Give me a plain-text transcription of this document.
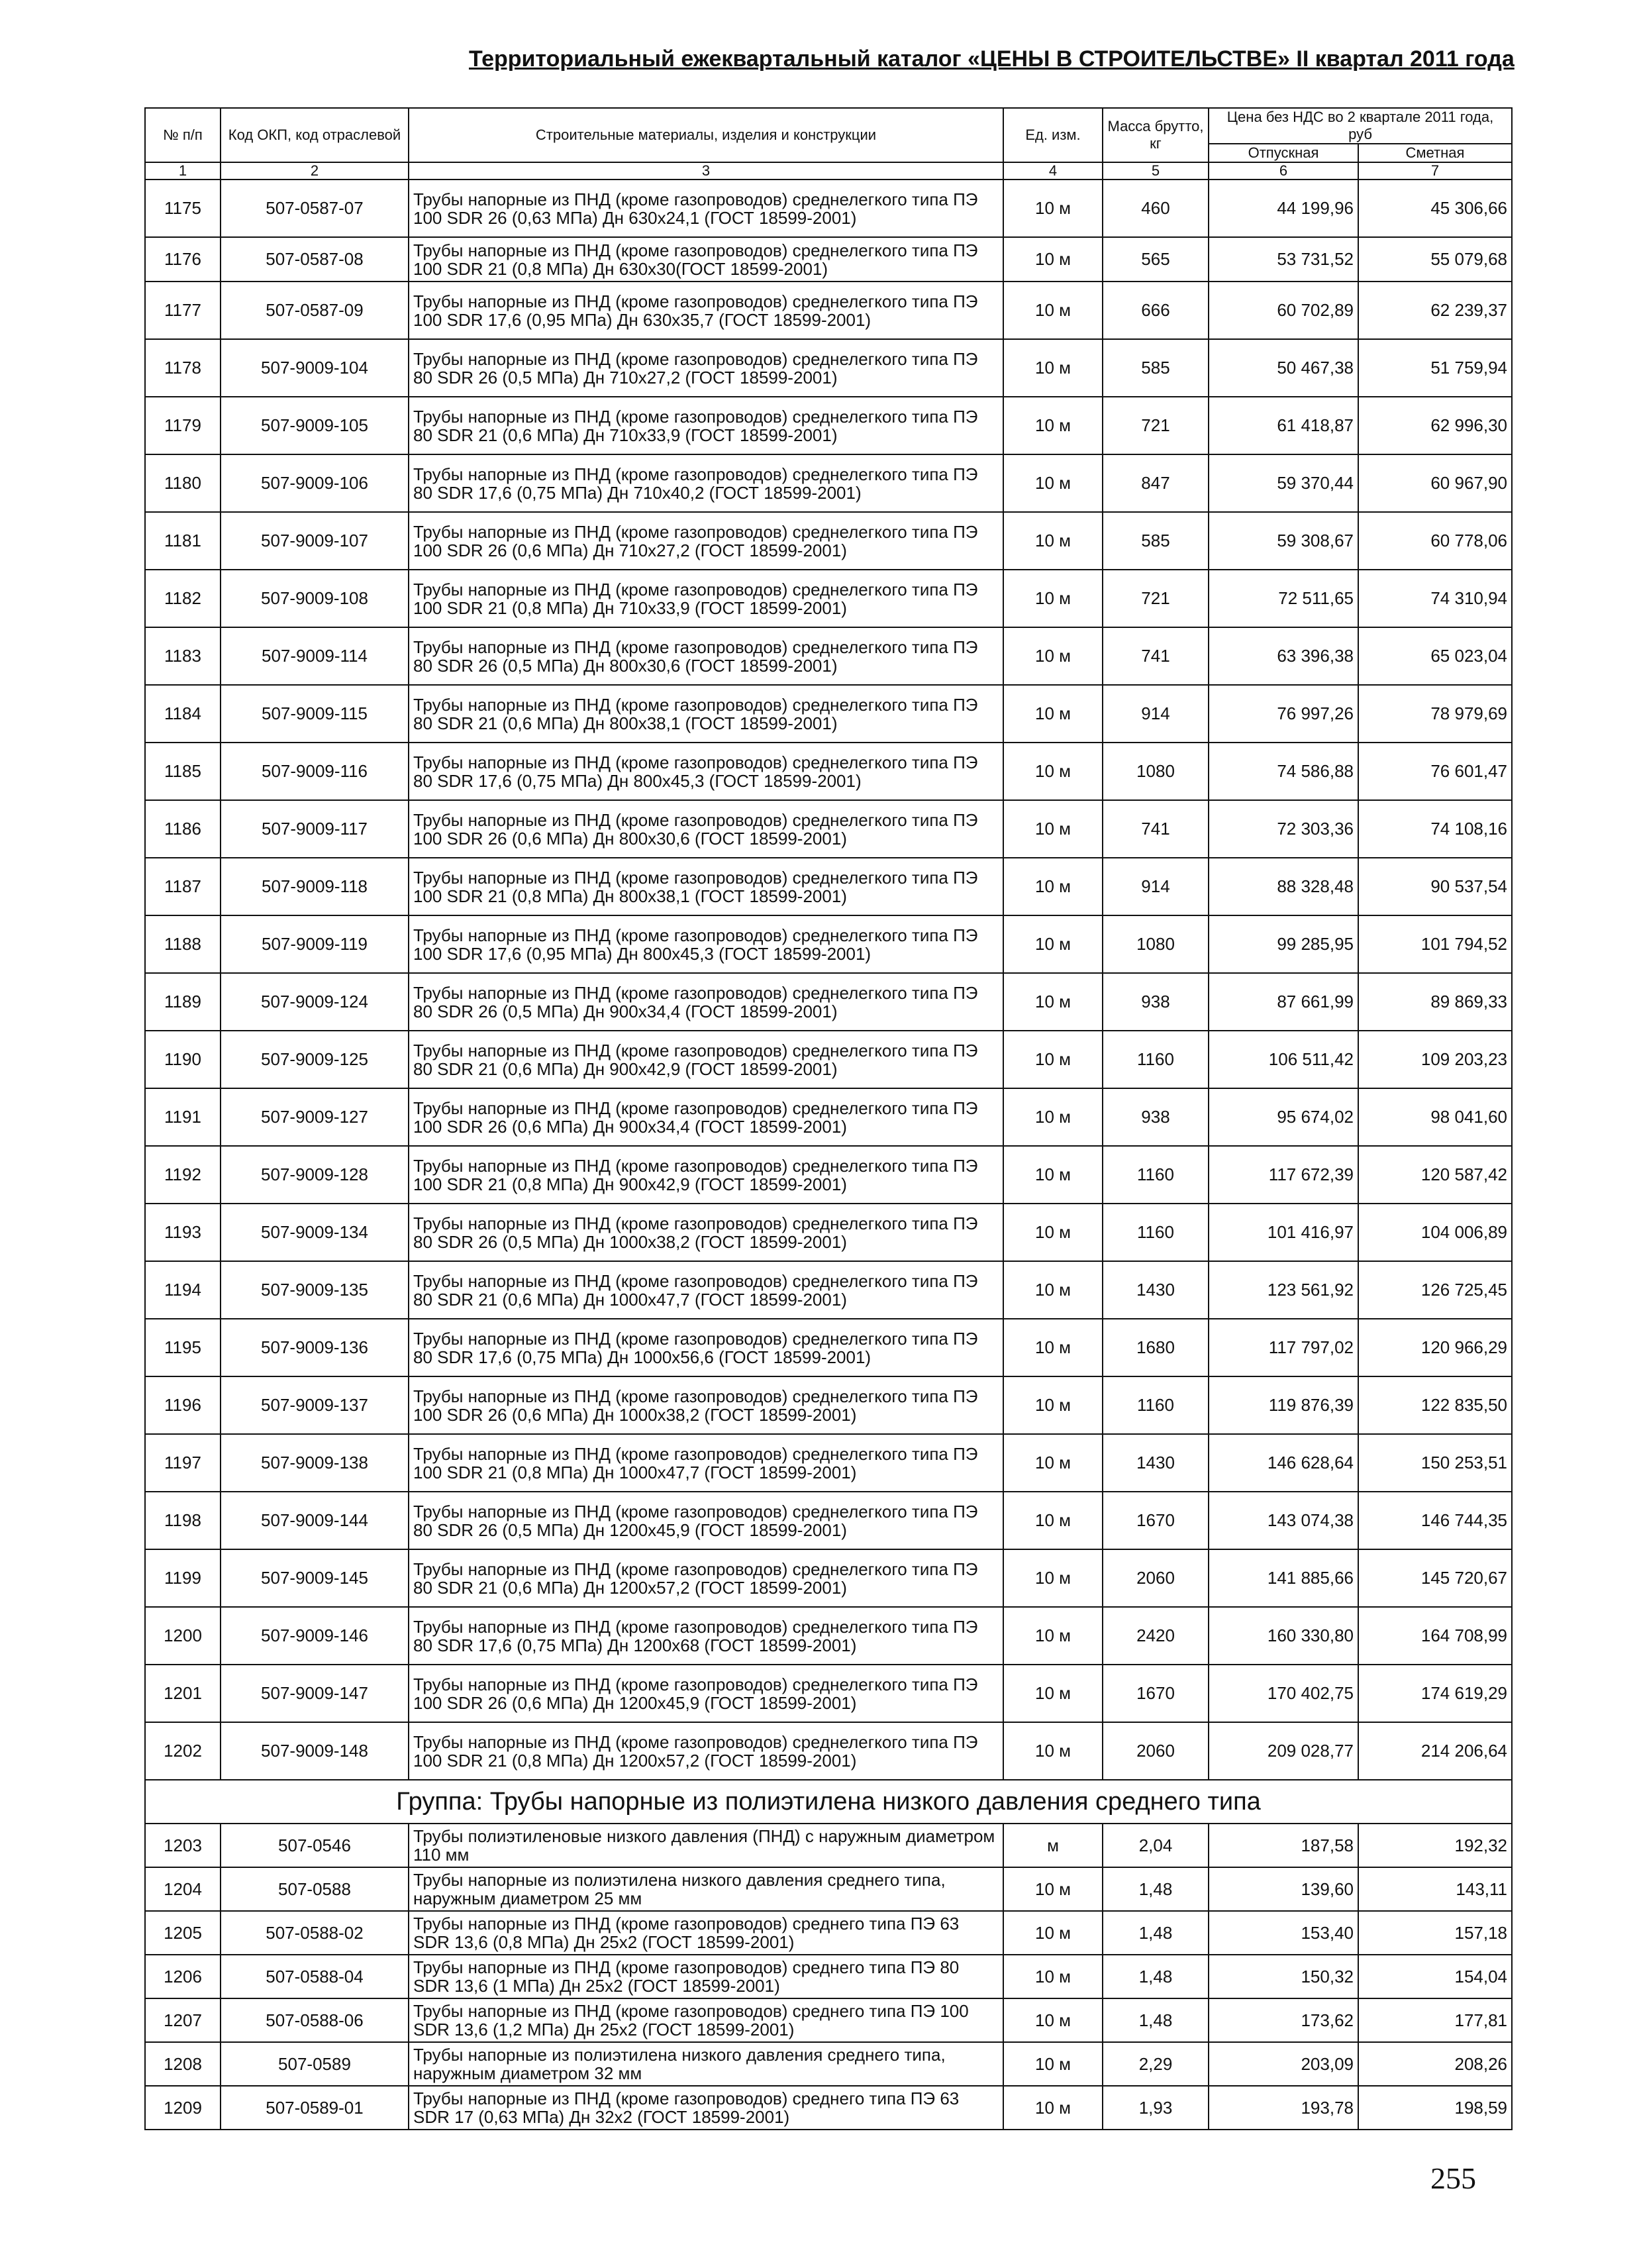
Территориальный ежеквартальный каталог «ЦЕНЫ В СТРОИТЕЛЬСТВЕ» II квартал 2011 года
№ п/п	Код ОКП, код отраслевой	Строительные материалы, изделия и конструкции	Ед. изм.	Масса брутто, кг	Цена без НДС во 2 квартале 2011 года, руб	
					Отпускная	Сметная
1	2	3	4	5	6	7
1175	507-0587-07	Трубы напорные из ПНД (кроме газопроводов) среднелегкого типа ПЭ 100 SDR 26 (0,63 МПа) Дн 630х24,1 (ГОСТ 18599-2001)	10 м	460	44 199,96	45 306,66
1176	507-0587-08	Трубы напорные из ПНД (кроме газопроводов) среднелегкого типа ПЭ 100 SDR 21 (0,8 МПа) Дн 630х30(ГОСТ 18599-2001)	10 м	565	53 731,52	55 079,68
1177	507-0587-09	Трубы напорные из ПНД (кроме газопроводов) среднелегкого типа ПЭ 100 SDR 17,6 (0,95 МПа) Дн 630х35,7 (ГОСТ 18599-2001)	10 м	666	60 702,89	62 239,37
1178	507-9009-104	Трубы напорные из ПНД (кроме газопроводов) среднелегкого типа ПЭ 80 SDR 26 (0,5 МПа) Дн 710х27,2 (ГОСТ 18599-2001)	10 м	585	50 467,38	51 759,94
1179	507-9009-105	Трубы напорные из ПНД (кроме газопроводов) среднелегкого типа ПЭ 80 SDR 21 (0,6 МПа) Дн 710х33,9 (ГОСТ 18599-2001)	10 м	721	61 418,87	62 996,30
1180	507-9009-106	Трубы напорные из ПНД (кроме газопроводов) среднелегкого типа ПЭ 80 SDR 17,6 (0,75 МПа) Дн 710х40,2 (ГОСТ 18599-2001)	10 м	847	59 370,44	60 967,90
1181	507-9009-107	Трубы напорные из ПНД (кроме газопроводов) среднелегкого типа ПЭ 100 SDR 26 (0,6 МПа) Дн 710х27,2 (ГОСТ 18599-2001)	10 м	585	59 308,67	60 778,06
1182	507-9009-108	Трубы напорные из ПНД (кроме газопроводов) среднелегкого типа ПЭ 100 SDR 21 (0,8 МПа) Дн 710х33,9 (ГОСТ 18599-2001)	10 м	721	72 511,65	74 310,94
1183	507-9009-114	Трубы напорные из ПНД (кроме газопроводов) среднелегкого типа ПЭ 80 SDR 26 (0,5 МПа) Дн 800х30,6 (ГОСТ 18599-2001)	10 м	741	63 396,38	65 023,04
1184	507-9009-115	Трубы напорные из ПНД (кроме газопроводов) среднелегкого типа ПЭ 80 SDR 21 (0,6 МПа) Дн 800х38,1 (ГОСТ 18599-2001)	10 м	914	76 997,26	78 979,69
1185	507-9009-116	Трубы напорные из ПНД (кроме газопроводов) среднелегкого типа ПЭ 80 SDR 17,6 (0,75 МПа) Дн 800х45,3 (ГОСТ 18599-2001)	10 м	1080	74 586,88	76 601,47
1186	507-9009-117	Трубы напорные из ПНД (кроме газопроводов) среднелегкого типа ПЭ 100 SDR 26 (0,6 МПа) Дн 800х30,6 (ГОСТ 18599-2001)	10 м	741	72 303,36	74 108,16
1187	507-9009-118	Трубы напорные из ПНД (кроме газопроводов) среднелегкого типа ПЭ 100 SDR 21 (0,8 МПа) Дн 800х38,1 (ГОСТ 18599-2001)	10 м	914	88 328,48	90 537,54
1188	507-9009-119	Трубы напорные из ПНД (кроме газопроводов) среднелегкого типа ПЭ 100 SDR 17,6 (0,95 МПа) Дн 800х45,3 (ГОСТ 18599-2001)	10 м	1080	99 285,95	101 794,52
1189	507-9009-124	Трубы напорные из ПНД (кроме газопроводов) среднелегкого типа ПЭ 80 SDR 26 (0,5 МПа) Дн 900х34,4 (ГОСТ 18599-2001)	10 м	938	87 661,99	89 869,33
1190	507-9009-125	Трубы напорные из ПНД (кроме газопроводов) среднелегкого типа ПЭ 80 SDR 21 (0,6 МПа) Дн 900х42,9 (ГОСТ 18599-2001)	10 м	1160	106 511,42	109 203,23
1191	507-9009-127	Трубы напорные из ПНД (кроме газопроводов) среднелегкого типа ПЭ 100 SDR 26 (0,6 МПа) Дн 900х34,4 (ГОСТ 18599-2001)	10 м	938	95 674,02	98 041,60
1192	507-9009-128	Трубы напорные из ПНД (кроме газопроводов) среднелегкого типа ПЭ 100 SDR 21 (0,8 МПа) Дн 900х42,9 (ГОСТ 18599-2001)	10 м	1160	117 672,39	120 587,42
1193	507-9009-134	Трубы напорные из ПНД (кроме газопроводов) среднелегкого типа ПЭ 80 SDR 26 (0,5 МПа) Дн 1000х38,2 (ГОСТ 18599-2001)	10 м	1160	101 416,97	104 006,89
1194	507-9009-135	Трубы напорные из ПНД (кроме газопроводов) среднелегкого типа ПЭ 80 SDR 21 (0,6 МПа) Дн 1000х47,7 (ГОСТ 18599-2001)	10 м	1430	123 561,92	126 725,45
1195	507-9009-136	Трубы напорные из ПНД (кроме газопроводов) среднелегкого типа ПЭ 80 SDR 17,6 (0,75 МПа) Дн 1000х56,6 (ГОСТ 18599-2001)	10 м	1680	117 797,02	120 966,29
1196	507-9009-137	Трубы напорные из ПНД (кроме газопроводов) среднелегкого типа ПЭ 100 SDR 26 (0,6 МПа) Дн 1000х38,2 (ГОСТ 18599-2001)	10 м	1160	119 876,39	122 835,50
1197	507-9009-138	Трубы напорные из ПНД (кроме газопроводов) среднелегкого типа ПЭ 100 SDR 21 (0,8 МПа) Дн 1000х47,7 (ГОСТ 18599-2001)	10 м	1430	146 628,64	150 253,51
1198	507-9009-144	Трубы напорные из ПНД (кроме газопроводов) среднелегкого типа ПЭ 80 SDR 26 (0,5 МПа) Дн 1200х45,9 (ГОСТ 18599-2001)	10 м	1670	143 074,38	146 744,35
1199	507-9009-145	Трубы напорные из ПНД (кроме газопроводов) среднелегкого типа ПЭ 80 SDR 21 (0,6 МПа) Дн 1200х57,2 (ГОСТ 18599-2001)	10 м	2060	141 885,66	145 720,67
1200	507-9009-146	Трубы напорные из ПНД (кроме газопроводов) среднелегкого типа ПЭ 80 SDR 17,6 (0,75 МПа) Дн 1200х68 (ГОСТ 18599-2001)	10 м	2420	160 330,80	164 708,99
1201	507-9009-147	Трубы напорные из ПНД (кроме газопроводов) среднелегкого типа ПЭ 100 SDR 26 (0,6 МПа) Дн 1200х45,9 (ГОСТ 18599-2001)	10 м	1670	170 402,75	174 619,29
1202	507-9009-148	Трубы напорные из ПНД (кроме газопроводов) среднелегкого типа ПЭ 100 SDR 21 (0,8 МПа) Дн 1200х57,2 (ГОСТ 18599-2001)	10 м	2060	209 028,77	214 206,64
Группа: Трубы напорные из полиэтилена низкого давления среднего типа						
1203	507-0546	Трубы полиэтиленовые низкого давления (ПНД) с наружным диаметром 110 мм	м	2,04	187,58	192,32
1204	507-0588	Трубы напорные из полиэтилена низкого давления среднего типа, наружным диаметром 25 мм	10 м	1,48	139,60	143,11
1205	507-0588-02	Трубы напорные из ПНД (кроме газопроводов) среднего типа ПЭ 63 SDR 13,6 (0,8 МПа) Дн 25х2 (ГОСТ 18599-2001)	10 м	1,48	153,40	157,18
1206	507-0588-04	Трубы напорные из ПНД (кроме газопроводов) среднего типа ПЭ 80 SDR 13,6 (1 МПа) Дн 25х2 (ГОСТ 18599-2001)	10 м	1,48	150,32	154,04
1207	507-0588-06	Трубы напорные из ПНД (кроме газопроводов) среднего типа ПЭ 100 SDR 13,6 (1,2 МПа) Дн 25х2 (ГОСТ 18599-2001)	10 м	1,48	173,62	177,81
1208	507-0589	Трубы напорные из полиэтилена низкого давления среднего типа, наружным диаметром 32 мм	10 м	2,29	203,09	208,26
1209	507-0589-01	Трубы напорные из ПНД (кроме газопроводов) среднего типа ПЭ 63 SDR 17 (0,63 МПа) Дн 32х2 (ГОСТ 18599-2001)	10 м	1,93	193,78	198,59
255
